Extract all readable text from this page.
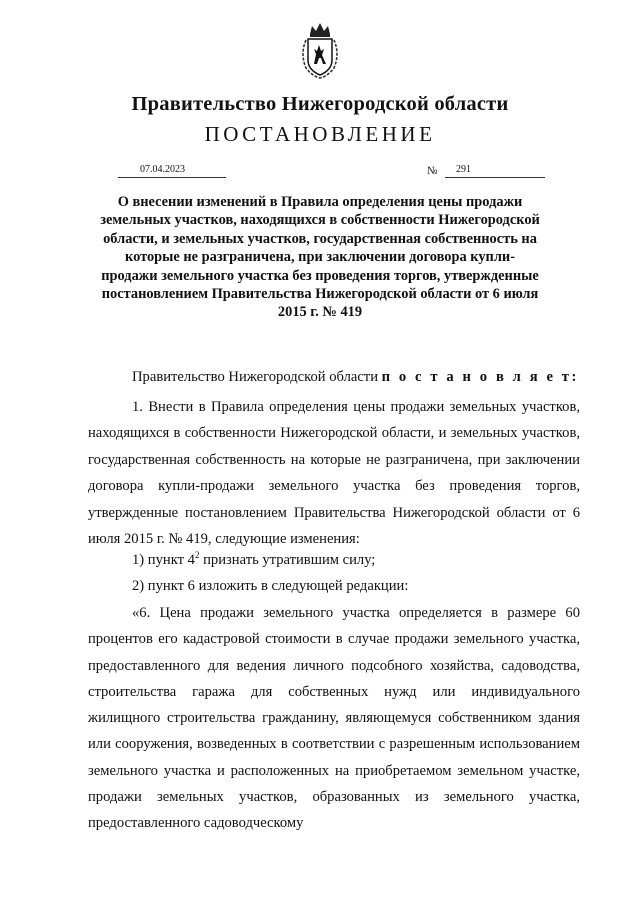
Правительство Нижегородской области
ПОСТАНОВЛЕНИЕ
07.04.2023	№ 291
О внесении изменений в Правила определения цены продажи земельных участков, находящихся в собственности Нижегородской области, и земельных участков, государственная собственность на которые не разграничена, при заключении договора купли-продажи земельного участка без проведения торгов, утвержденные постановлением Правительства Нижегородской области от 6 июля 2015 г. № 419
Правительство Нижегородской области п о с т а н о в л я е т:
1. Внести в Правила определения цены продажи земельных участков, находящихся в собственности Нижегородской области, и земельных участков, государственная собственность на которые не разграничена, при заключении договора купли-продажи земельного участка без проведения торгов, утвержденные постановлением Правительства Нижегородской области от 6 июля 2015 г. № 419, следующие изменения:
1) пункт $4^2$ признать утратившим силу;
2) пункт 6 изложить в следующей редакции:
«6. Цена продажи земельного участка определяется в размере 60 процентов его кадастровой стоимости в случае продажи земельного участка, предоставленного для ведения личного подсобного хозяйства, садоводства, строительства гаража для собственных нужд или индивидуального жилищного строительства гражданину, являющемуся собственником здания или сооружения, возведенных в соответствии с разрешенным использованием земельного участка и расположенных на приобретаемом земельном участке, продажи земельных участков, образованных из земельного участка, предоставленного садоводческому
